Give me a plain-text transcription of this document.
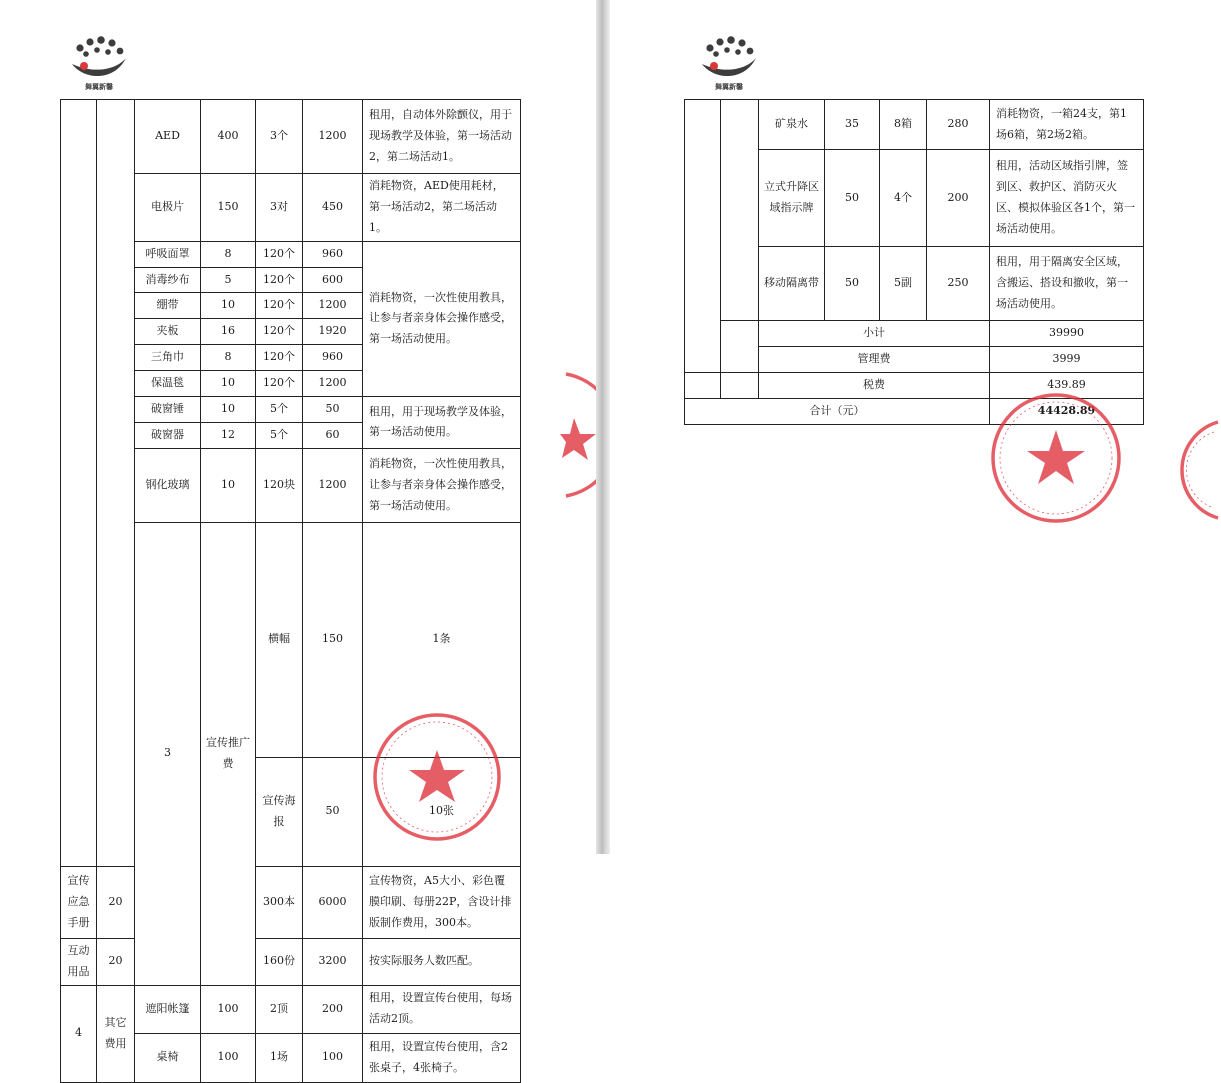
舞翼新馨
		AED	400	3个	1200	租用，自动体外除颤仪，用于现场教学及体验，第一场活动2，第二场活动1。	
		电极片	150	3对	450	消耗物资，AED使用耗材，第一场活动2，第二场活动1。	
		呼吸面罩	8	120个	960	消耗物资，一次性使用教具，让参与者亲身体会操作感受，第一场活动使用。	
		消毒纱布	5	120个	600		
		绷带	10	120个	1200		
		夹板	16	120个	1920		
		三角巾	8	120个	960		
		保温毯	10	120个	1200		
		破窗锤	10	5个	50	租用，用于现场教学及体验，第一场活动使用。	
		破窗器	12	5个	60		
		钢化玻璃	10	120块	1200	消耗物资，一次性使用教具，让参与者亲身体会操作感受，第一场活动使用。	
		3	宣传推广费	横幅	150	1条		
				宣传海报	50	10张		
宣传应急手册	20			300本	6000	宣传物资，A5大小、彩色覆膜印刷、每册22P，含设计排版制作费用，300本。	
互动用品	20			160份	3200	按实际服务人数匹配。	
4	其它费用	遮阳帐篷	100	2顶	200	租用，设置宣传台使用，每场活动2顶。	
		桌椅	100	1场	100	租用，设置宣传台使用，含2张桌子，4张椅子。	
舞翼新馨
		矿泉水	35	8箱	280	消耗物资，一箱24支，第1场6箱，第2场2箱。	
		立式升降区域指示牌	50	4个	200	租用，活动区域指引牌，签到区、救护区、消防灭火区、模拟体验区各1个，第一场活动使用。	
		移动隔离带	50	5副	250	租用，用于隔离安全区域，含搬运、搭设和撤收，第一场活动使用。	
		小计				39990	
		管理费				3999	
		税费				439.89	
合计（元）						44428.89	
